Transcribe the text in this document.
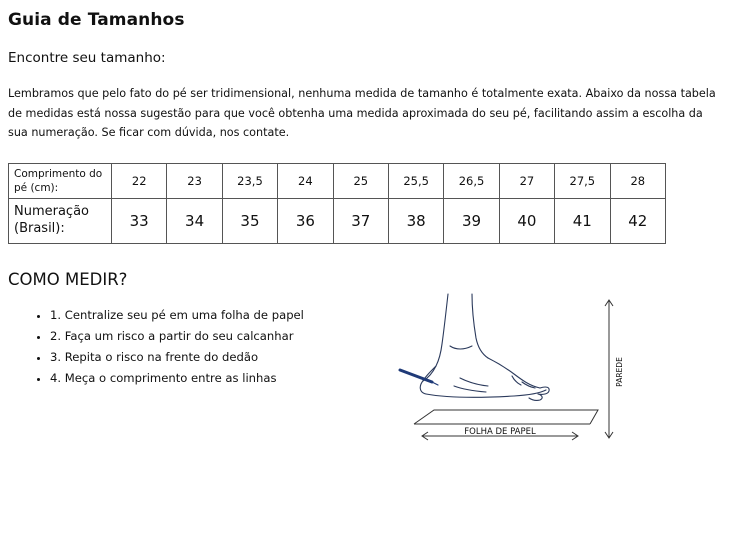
Guia de Tamanhos
Encontre seu tamanho:

Lembramos que pelo fato do pé ser tridimensional, nenhuma medida de tamanho é totalmente exata. Abaixo da nossa tabela de medidas está nossa sugestão para que você obtenha uma medida aproximada do seu pé, facilitando assim a escolha da sua numeração. Se ficar com dúvida, nos contate.

Comprimento do pé (cm):	22	23	23,5	24	25	25,5	26,5	27	27,5	28
Numeração (Brasil):	33	34	35	36	37	38	39	40	41	42
COMO MEDIR?
• 1. Centralize seu pé em uma folha de papel
• 2. Faça um risco a partir do seu calcanhar
• 3. Repita o risco na frente do dedão
• 4. Meça o comprimento entre as linhas
FOLHA DE PAPEL
PAREDE
